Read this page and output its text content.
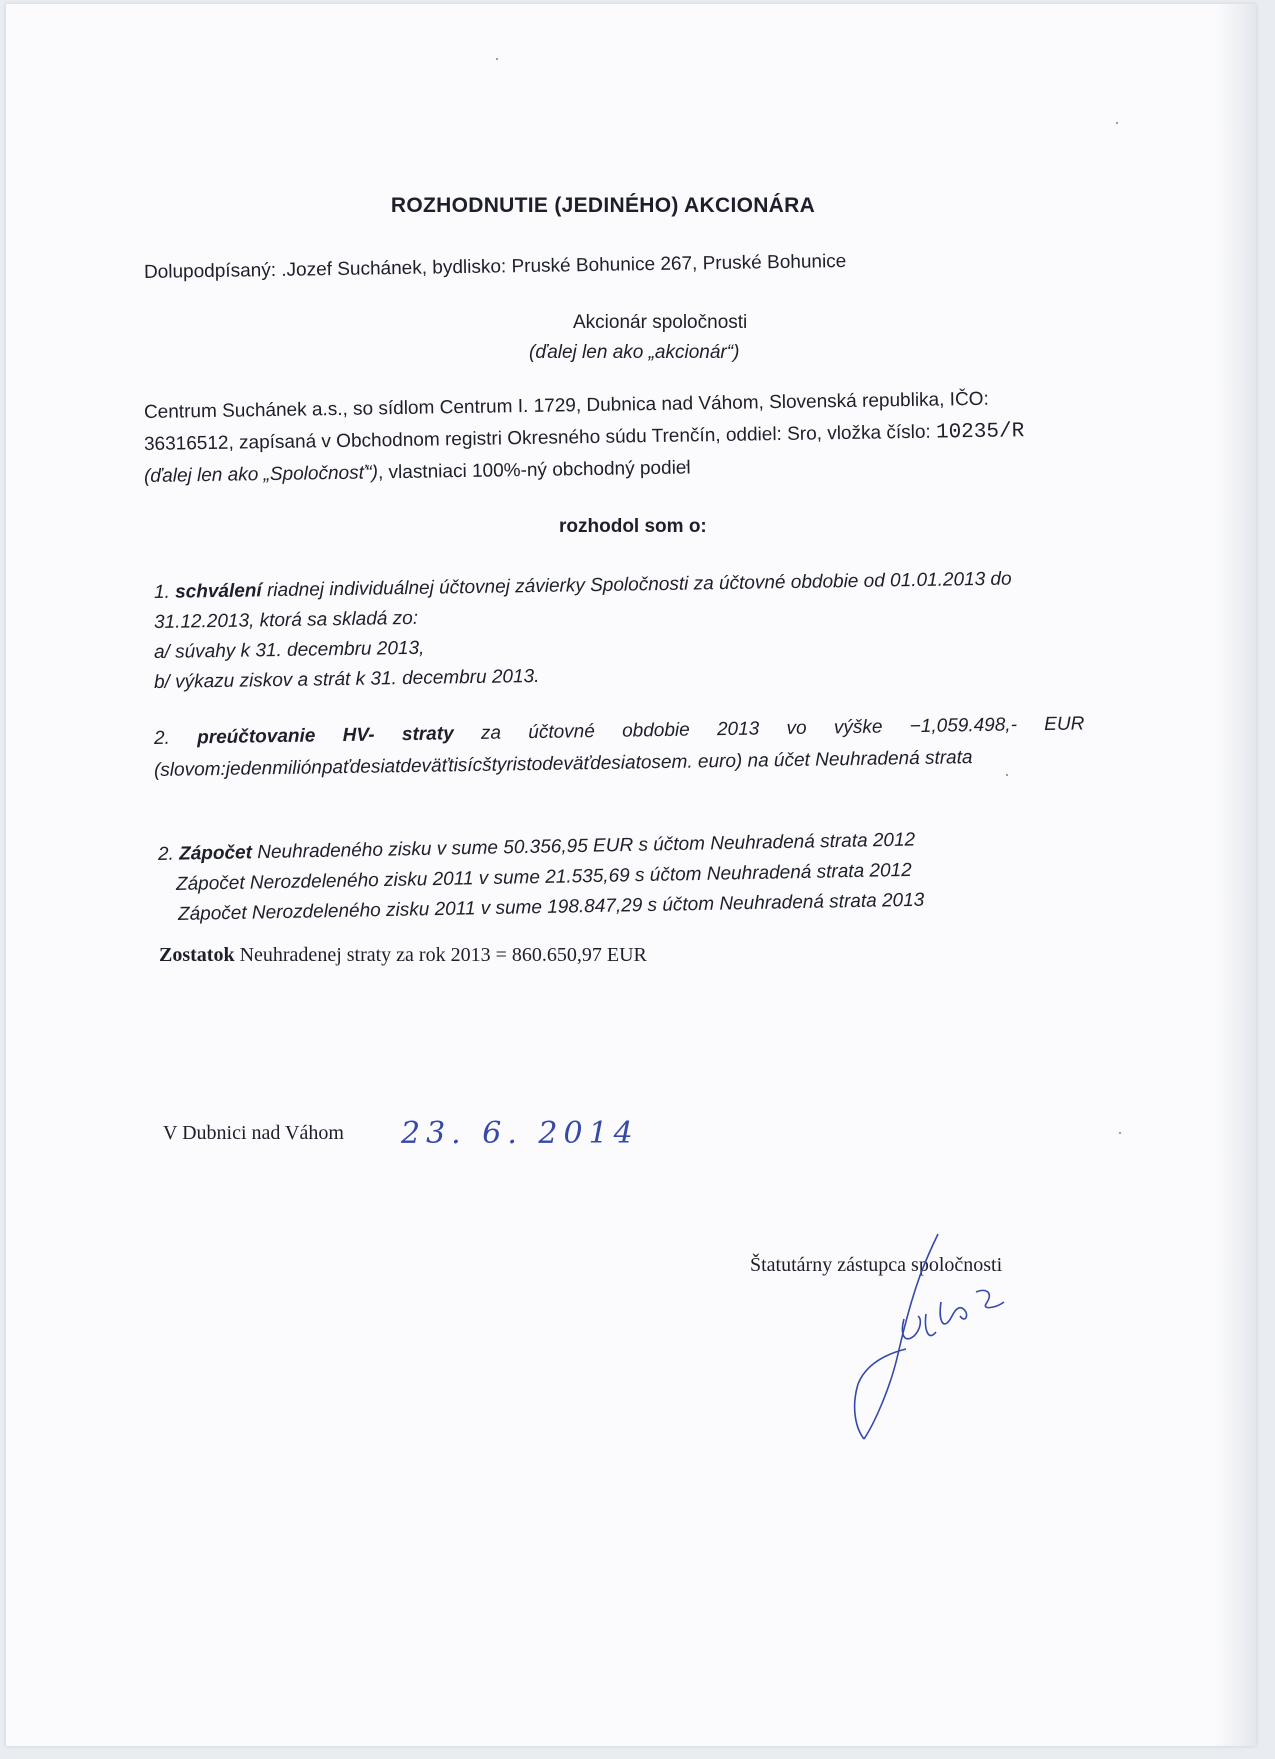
ROZHODNUTIE (JEDINÉHO) AKCIONÁRA
Dolupodpísaný: .Jozef Suchánek, bydlisko: Pruské Bohunice 267, Pruské Bohunice
Akcionár spoločnosti
(ďalej len ako „akcionár“)
Centrum Suchánek a.s., so sídlom Centrum I. 1729, Dubnica nad Váhom, Slovenská republika, IČO:
36316512, zapísaná v Obchodnom registri Okresného súdu Trenčín, oddiel: Sro, vložka číslo: 10235/R
(ďalej len ako „Spoločnosť“), vlastniaci 100%-ný obchodný podiel
rozhodol som o:
1. schválení riadnej individuálnej účtovnej závierky Spoločnosti za účtovné obdobie od 01.01.2013 do
31.12.2013, ktorá sa skladá zo:
a/ súvahy k 31. decembru 2013,
b/ výkazu ziskov a strát k 31. decembru 2013.
2. preúčtovanie HV- straty za účtovné obdobie 2013 vo výške −1,059.498,- EUR
(slovom:jedenmiliónpaťdesiatdeväťtisícštyristodeväťdesiatosem. euro) na účet Neuhradená strata
2. Zápočet Neuhradeného zisku v sume 50.356,95 EUR s účtom Neuhradená strata 2012
Zápočet Nerozdeleného zisku 2011 v sume 21.535,69 s účtom Neuhradená strata 2012
Zápočet Nerozdeleného zisku 2011 v sume 198.847,29 s účtom Neuhradená strata 2013
Zostatok Neuhradenej straty za rok 2013 = 860.650,97 EUR
V Dubnici nad Váhom 23. 6. 2014
Štatutárny zástupca spoločnosti
